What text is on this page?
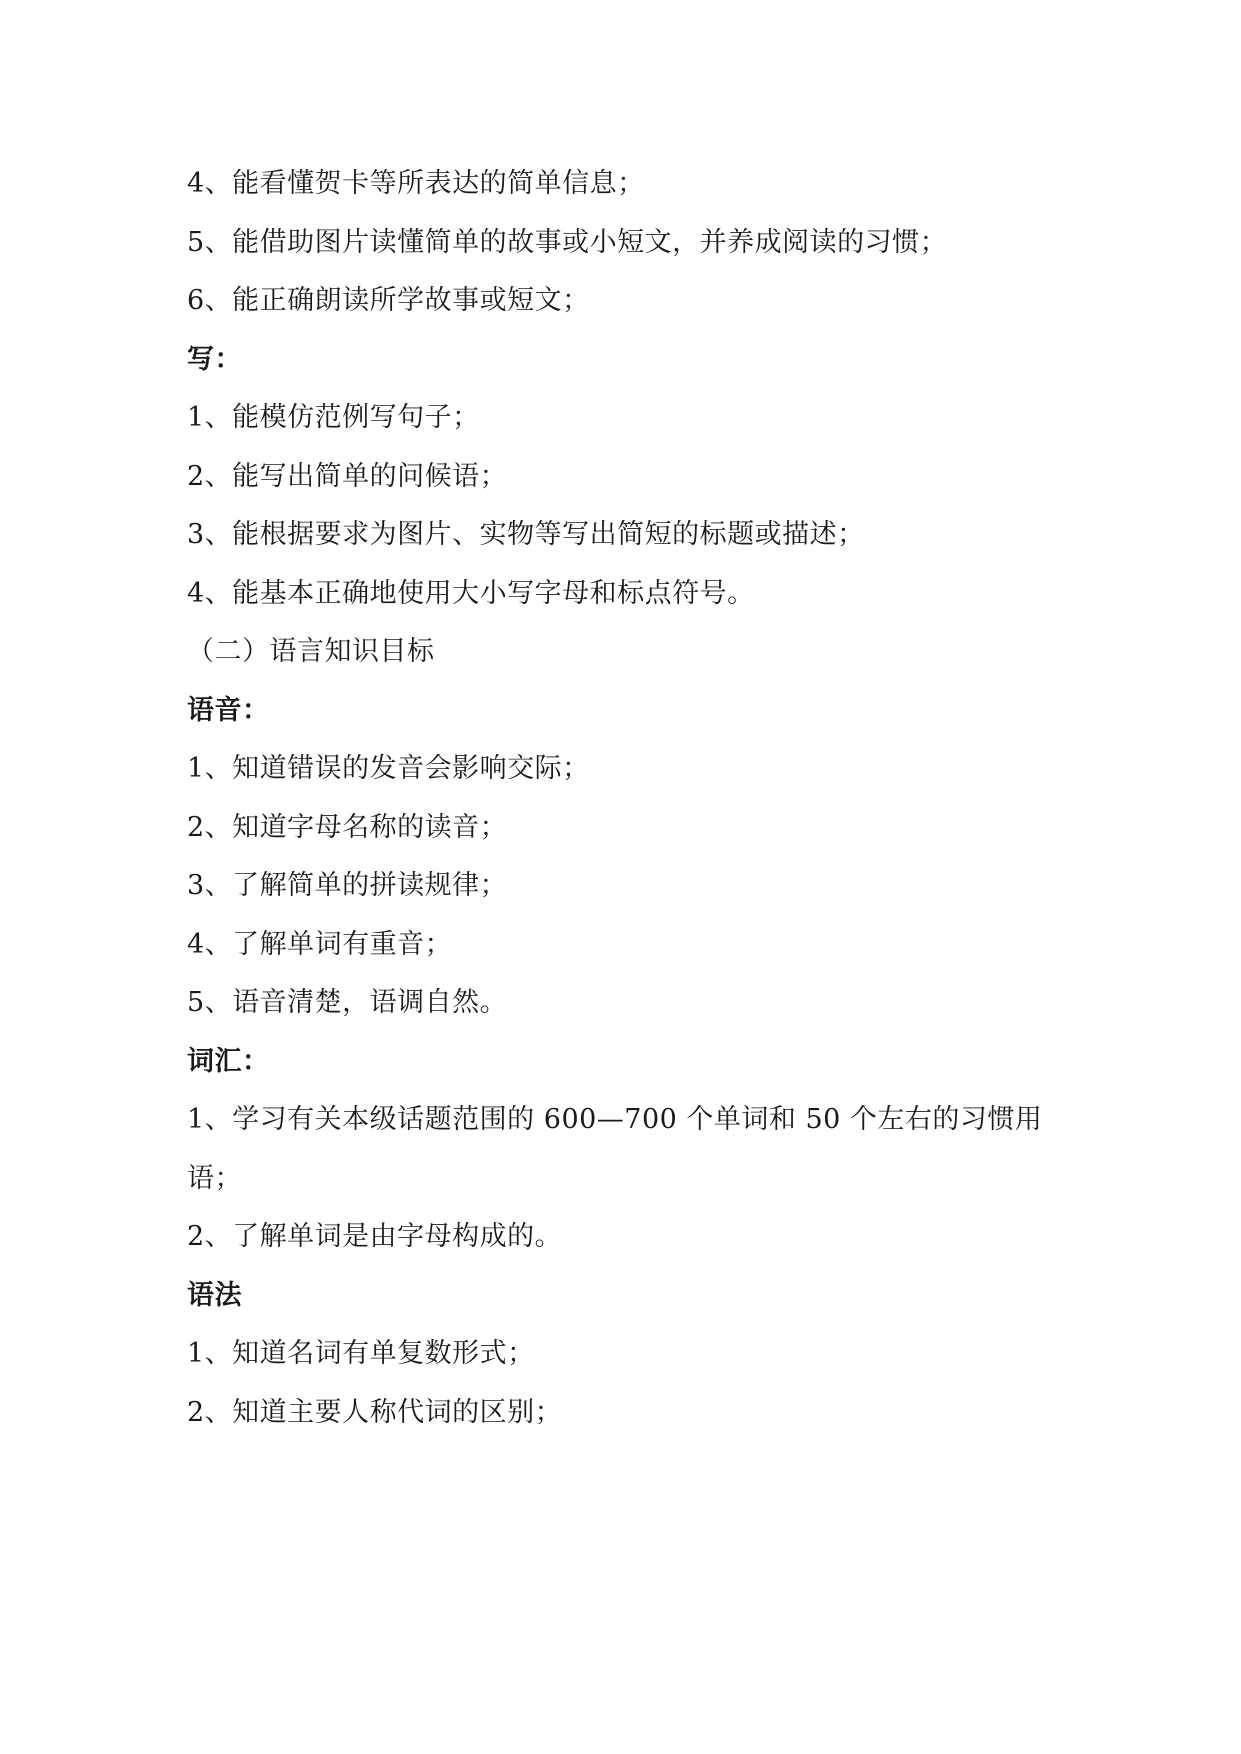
4、能看懂贺卡等所表达的简单信息；
5、能借助图片读懂简单的故事或小短文，并养成阅读的习惯；
6、能正确朗读所学故事或短文；
写：
1、能模仿范例写句子；
2、能写出简单的问候语；
3、能根据要求为图片、实物等写出简短的标题或描述；
4、能基本正确地使用大小写字母和标点符号。
（二）语言知识目标
语音：
1、知道错误的发音会影响交际；
2、知道字母名称的读音；
3、了解简单的拼读规律；
4、了解单词有重音；
5、语音清楚，语调自然。
词汇：
1、学习有关本级话题范围的 600—700 个单词和 50 个左右的习惯用
语；
2、了解单词是由字母构成的。
语法
1、知道名词有单复数形式；
2、知道主要人称代词的区别；
